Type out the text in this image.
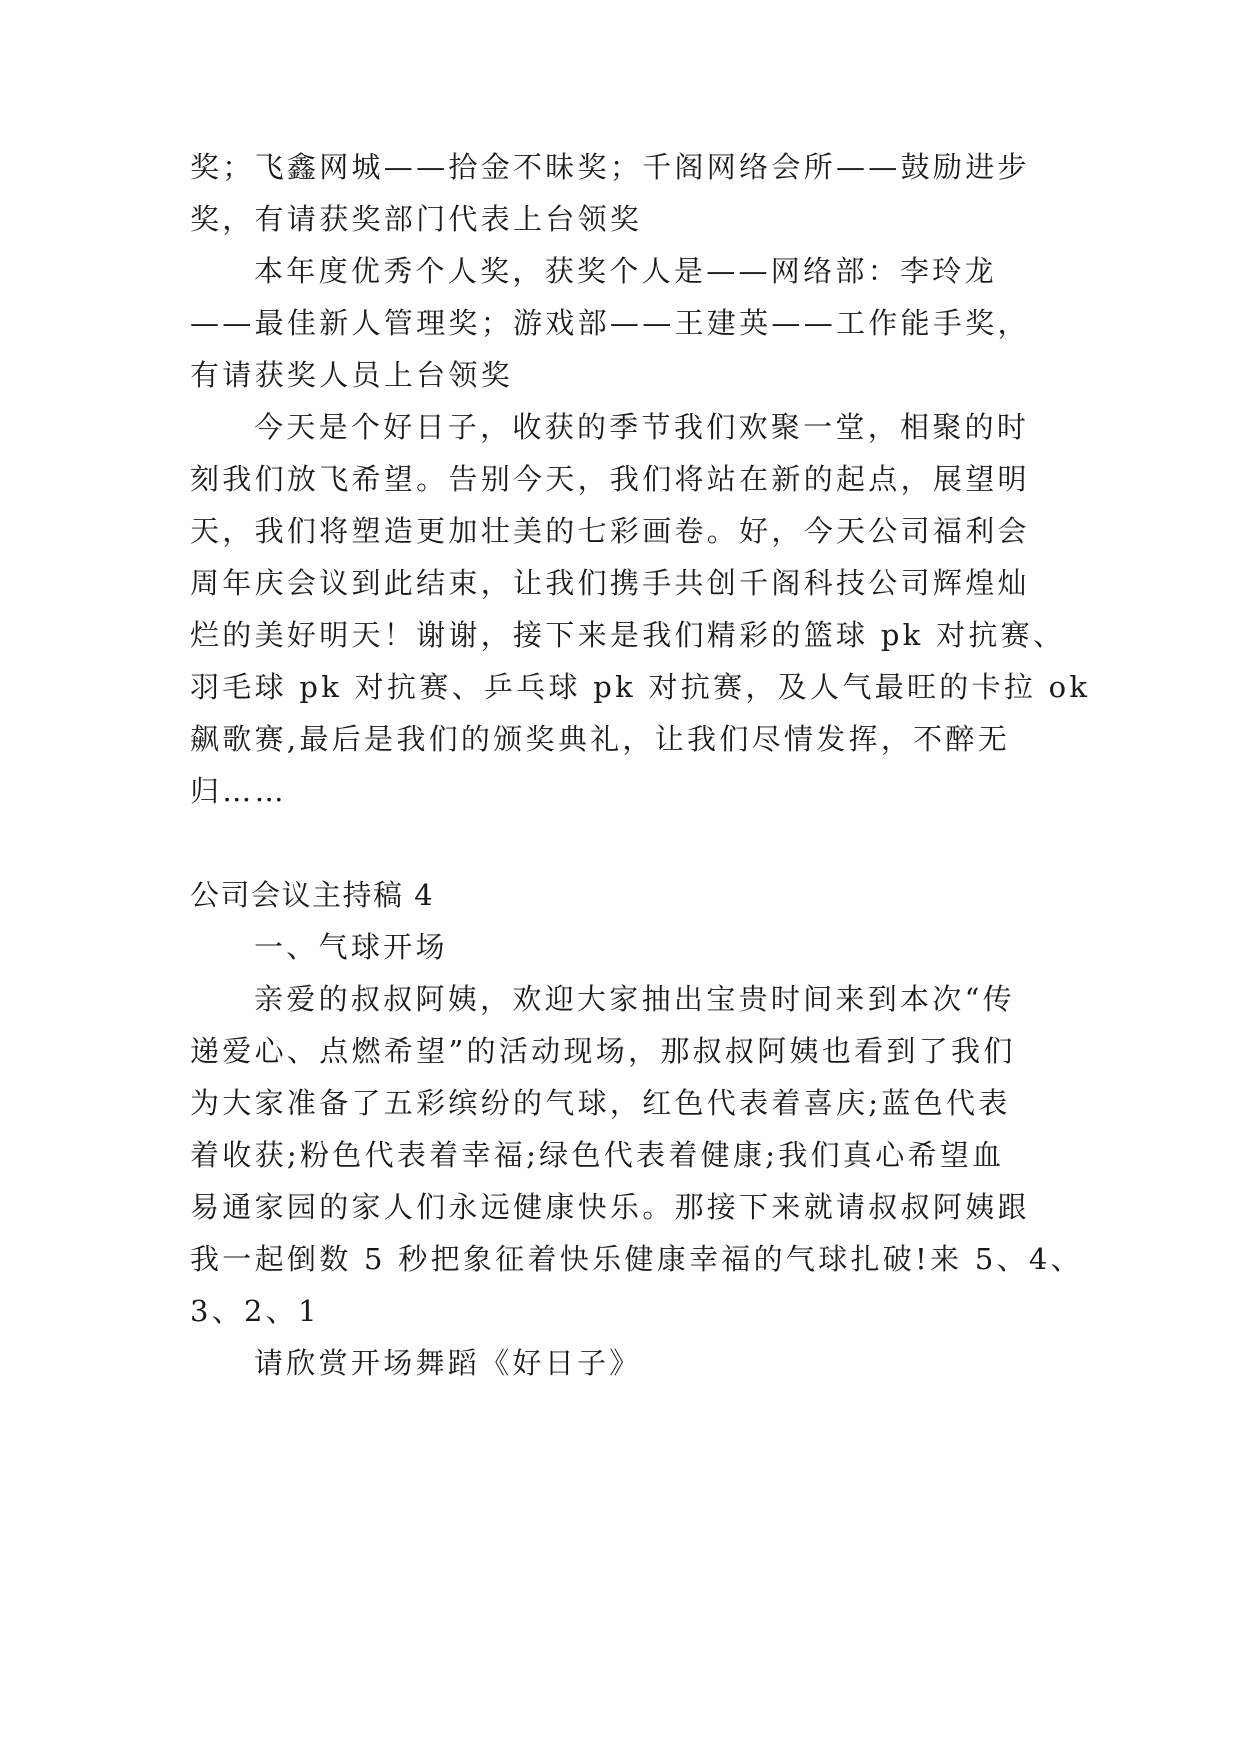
奖；飞鑫网城——拾金不昧奖；千阁网络会所——鼓励进步
奖，有请获奖部门代表上台领奖
本年度优秀个人奖，获奖个人是——网络部：李玲龙
——最佳新人管理奖；游戏部——王建英——工作能手奖，
有请获奖人员上台领奖
今天是个好日子，收获的季节我们欢聚一堂，相聚的时
刻我们放飞希望。告别今天，我们将站在新的起点，展望明
天，我们将塑造更加壮美的七彩画卷。好，今天公司福利会
周年庆会议到此结束，让我们携手共创千阁科技公司辉煌灿
烂的美好明天！谢谢，接下来是我们精彩的篮球 pk 对抗赛、
羽毛球 pk 对抗赛、乒乓球 pk 对抗赛，及人气最旺的卡拉 ok
飙歌赛,最后是我们的颁奖典礼，让我们尽情发挥，不醉无
归……
公司会议主持稿 4
一、气球开场
亲爱的叔叔阿姨，欢迎大家抽出宝贵时间来到本次“传
递爱心、点燃希望”的活动现场，那叔叔阿姨也看到了我们
为大家准备了五彩缤纷的气球，红色代表着喜庆;蓝色代表
着收获;粉色代表着幸福;绿色代表着健康;我们真心希望血
易通家园的家人们永远健康快乐。那接下来就请叔叔阿姨跟
我一起倒数 5 秒把象征着快乐健康幸福的气球扎破!来 5、4、
3、2、1
请欣赏开场舞蹈《好日子》
